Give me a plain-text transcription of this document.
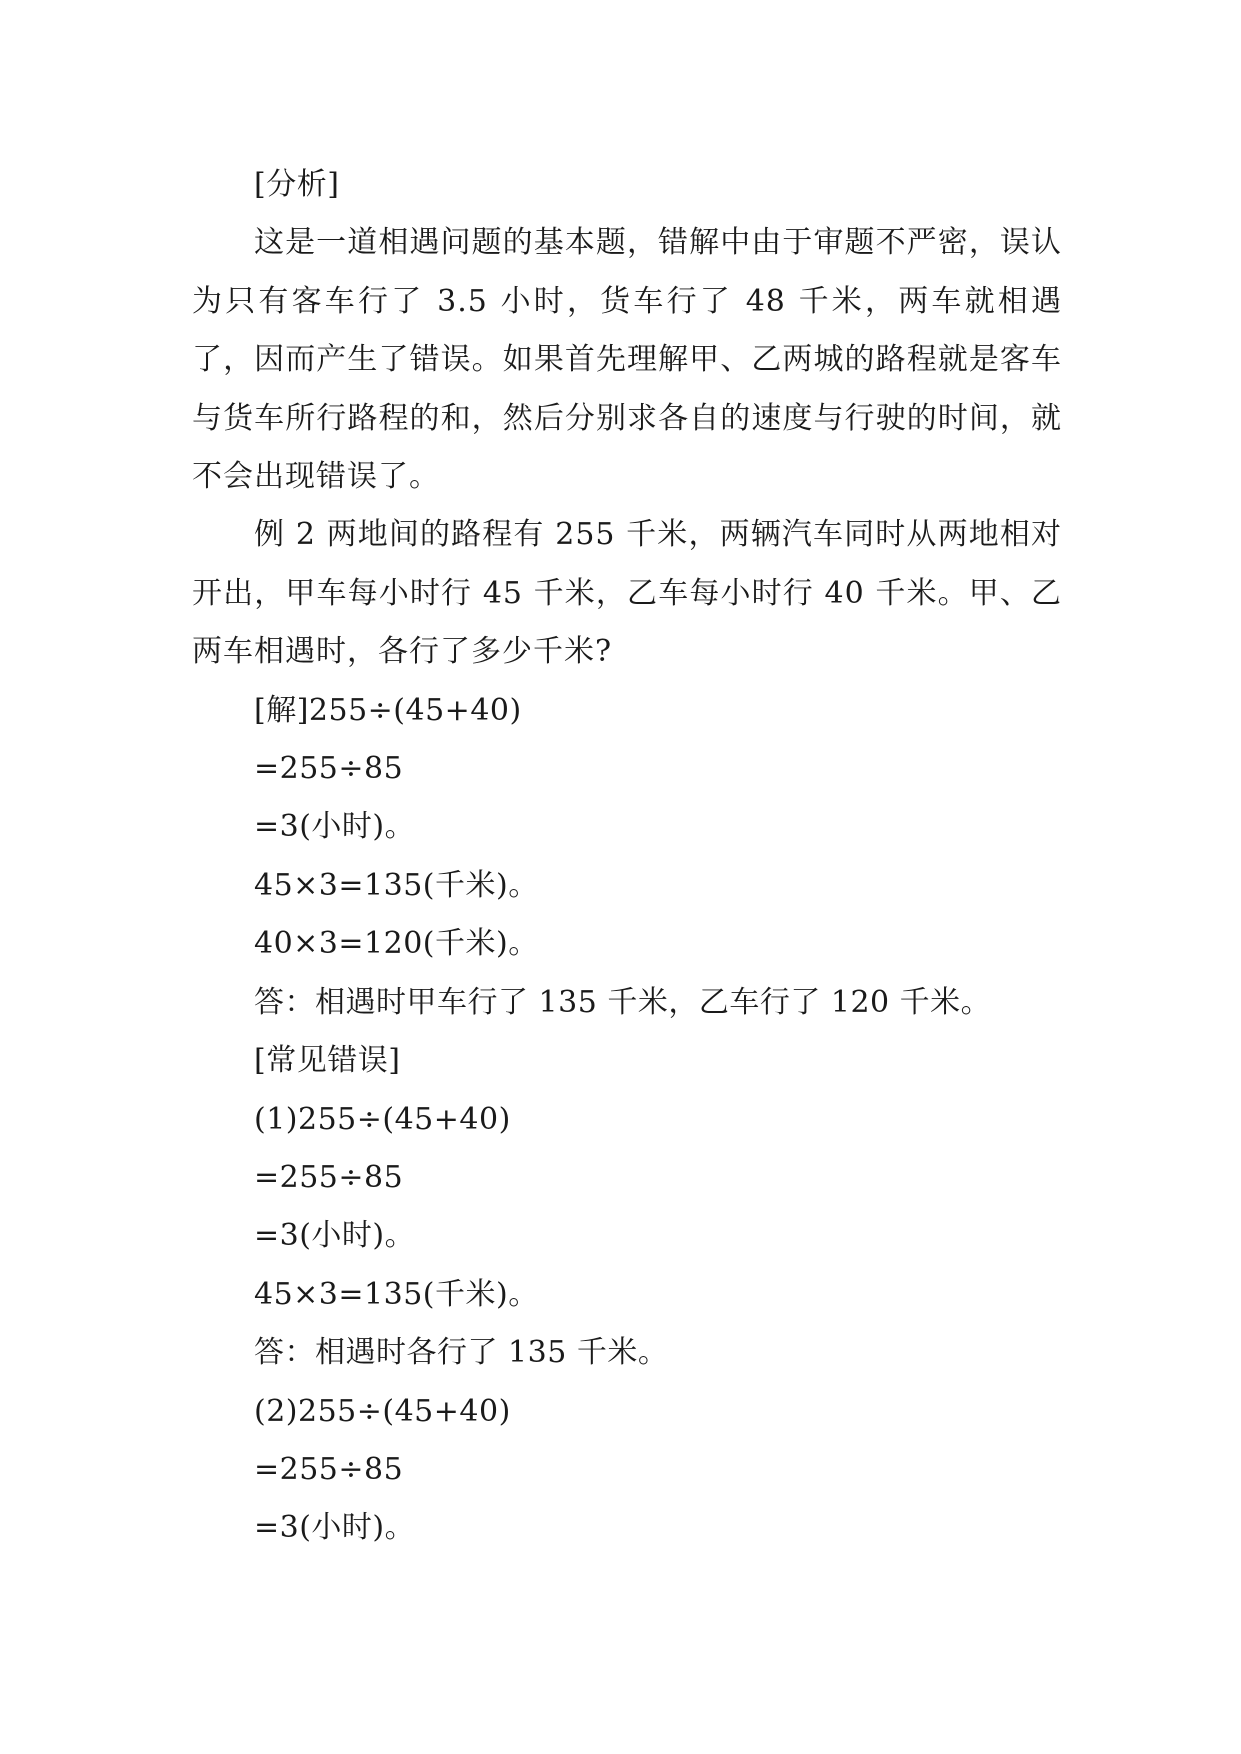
[分析]

这是一道相遇问题的基本题，错解中由于审题不严密，误认为只有客车行了 3.5 小时，货车行了 48 千米，两车就相遇了，因而产生了错误。如果首先理解甲、乙两城的路程就是客车与货车所行路程的和，然后分别求各自的速度与行驶的时间，就不会出现错误了。

例 2 两地间的路程有 255 千米，两辆汽车同时从两地相对开出，甲车每小时行 45 千米，乙车每小时行 40 千米。甲、乙两车相遇时，各行了多少千米?

[解]255÷(45+40)

=255÷85

=3(小时)。

45×3=135(千米)。

40×3=120(千米)。

答：相遇时甲车行了 135 千米，乙车行了 120 千米。

[常见错误]

(1)255÷(45+40)

=255÷85

=3(小时)。

45×3=135(千米)。

答：相遇时各行了 135 千米。

(2)255÷(45+40)

=255÷85

=3(小时)。
